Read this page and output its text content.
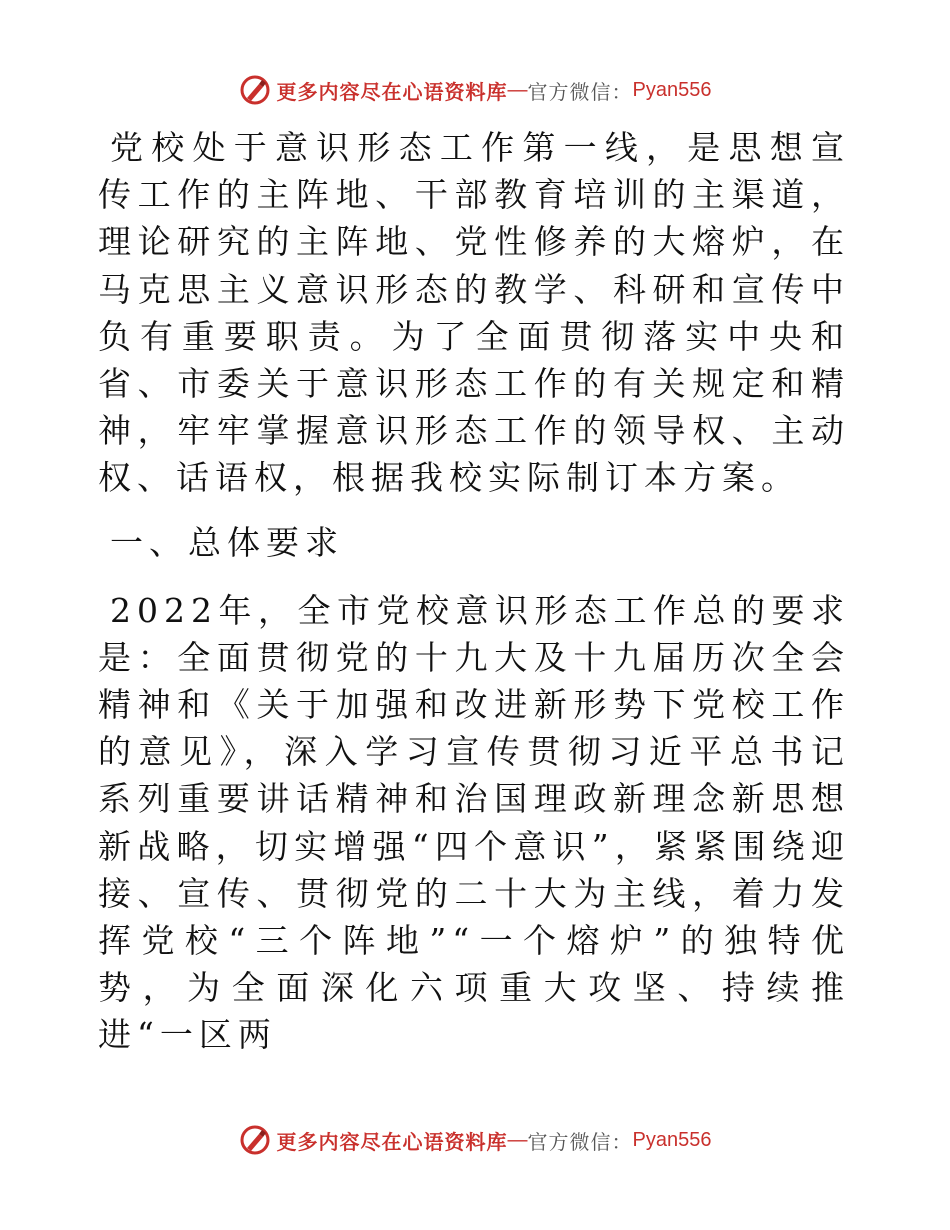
更多内容尽在心语资料库 — 官方微信： Pyan556

党校处于意识形态工作第一线，是思想宣传工作的主阵地、干部教育培训的主渠道，理论研究的主阵地、党性修养的大熔炉，在马克思主义意识形态的教学、科研和宣传中负有重要职责。为了全面贯彻落实中央和省、市委关于意识形态工作的有关规定和精神，牢牢掌握意识形态工作的领导权、主动权、话语权，根据我校实际制订本方案。

一、总体要求

2022年，全市党校意识形态工作总的要求是：全面贯彻党的十九大及十九届历次全会精神和《关于加强和改进新形势下党校工作的意见》，深入学习宣传贯彻习近平总书记系列重要讲话精神和治国理政新理念新思想新战略，切实增强“四个意识”，紧紧围绕迎接、宣传、贯彻党的二十大为主线，着力发挥党校“三个阵地”“一个熔炉”的独特优势，为全面深化六项重大攻坚、持续推进“一区两

更多内容尽在心语资料库 — 官方微信： Pyan556
